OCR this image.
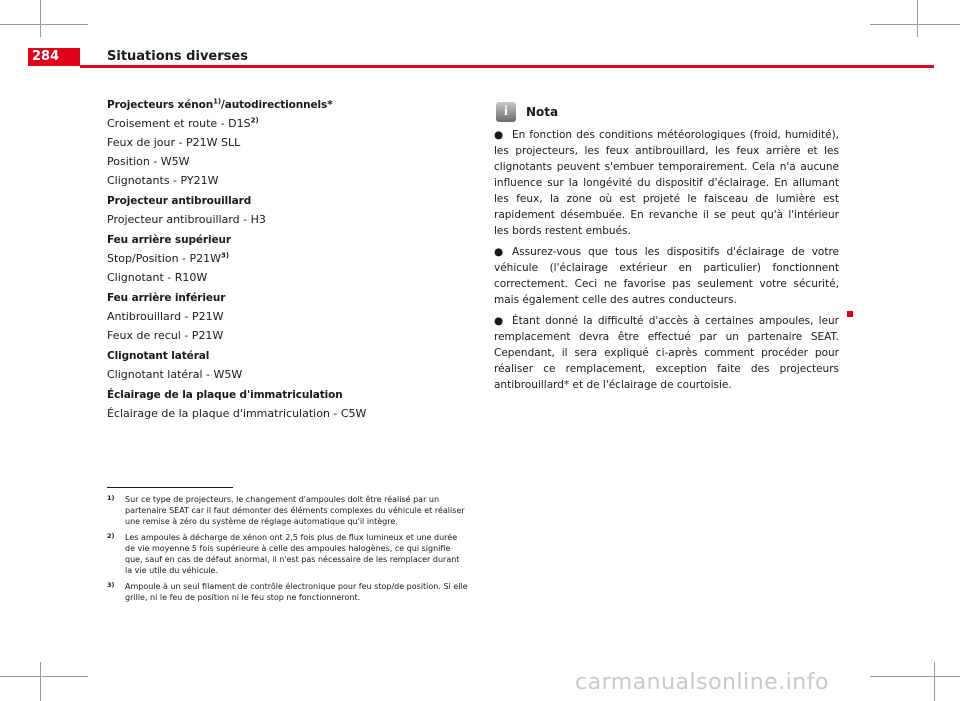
284	Situations diverses
Projecteurs xénon$^{1)}$/autodirectionnels*
Croisement et route - $D1S^{2)}$
Feux de jour - P21W SLL
Position - W5W
Clignotants - PY21W
Projecteur antibrouillard
Projecteur antibrouillard - H3
Feu arrière supérieur
Stop/Position - $P21W^{3)}$
Clignotant - R10W
Feu arrière inférieur
Antibrouillard - P21W
Feux de recul - P21W
Clignotant latéral
Clignotant latéral - W5W
Éclairage de la plaque d'immatriculation
Éclairage de la plaque d'immatriculation - C5W
i	Nota
● En fonction des conditions météorologiques (froid, humidité), les projecteurs, les feux antibrouillard, les feux arrière et les clignotants peuvent s'embuer temporairement. Cela n'a aucune influence sur la longévité du dispositif d'éclairage. En allumant les feux, la zone où est projeté le faisceau de lumière est rapidement désembuée. En revanche il se peut qu'à l'intérieur les bords restent embués.
● Assurez-vous que tous les dispositifs d'éclairage de votre véhicule (l'éclairage extérieur en particulier) fonctionnent correctement. Ceci ne favorise pas seulement votre sécurité, mais également celle des autres conducteurs.
● Étant donné la difficulté d'accès à certaines ampoules, leur remplacement devra être effectué par un partenaire SEAT. Cependant, il sera expliqué ci-après comment procéder pour réaliser ce remplacement, exception faite des projecteurs antibrouillard* et de l'éclairage de courtoisie.
1)	Sur ce type de projecteurs, le changement d'ampoules doit être réalisé par un partenaire SEAT car il faut démonter des éléments complexes du véhicule et réaliser une remise à zéro du système de réglage automatique qu'il intègre.
2)	Les ampoules à décharge de xénon ont 2,5 fois plus de flux lumineux et une durée de vie moyenne 5 fois supérieure à celle des ampoules halogènes, ce qui signifie que, sauf en cas de défaut anormal, il n'est pas nécessaire de les remplacer durant la vie utile du véhicule.
3)	Ampoule à un seul filament de contrôle électronique pour feu stop/de position. Si elle grille, ni le feu de position ni le feu stop ne fonctionneront.
carmanualsonline.info
